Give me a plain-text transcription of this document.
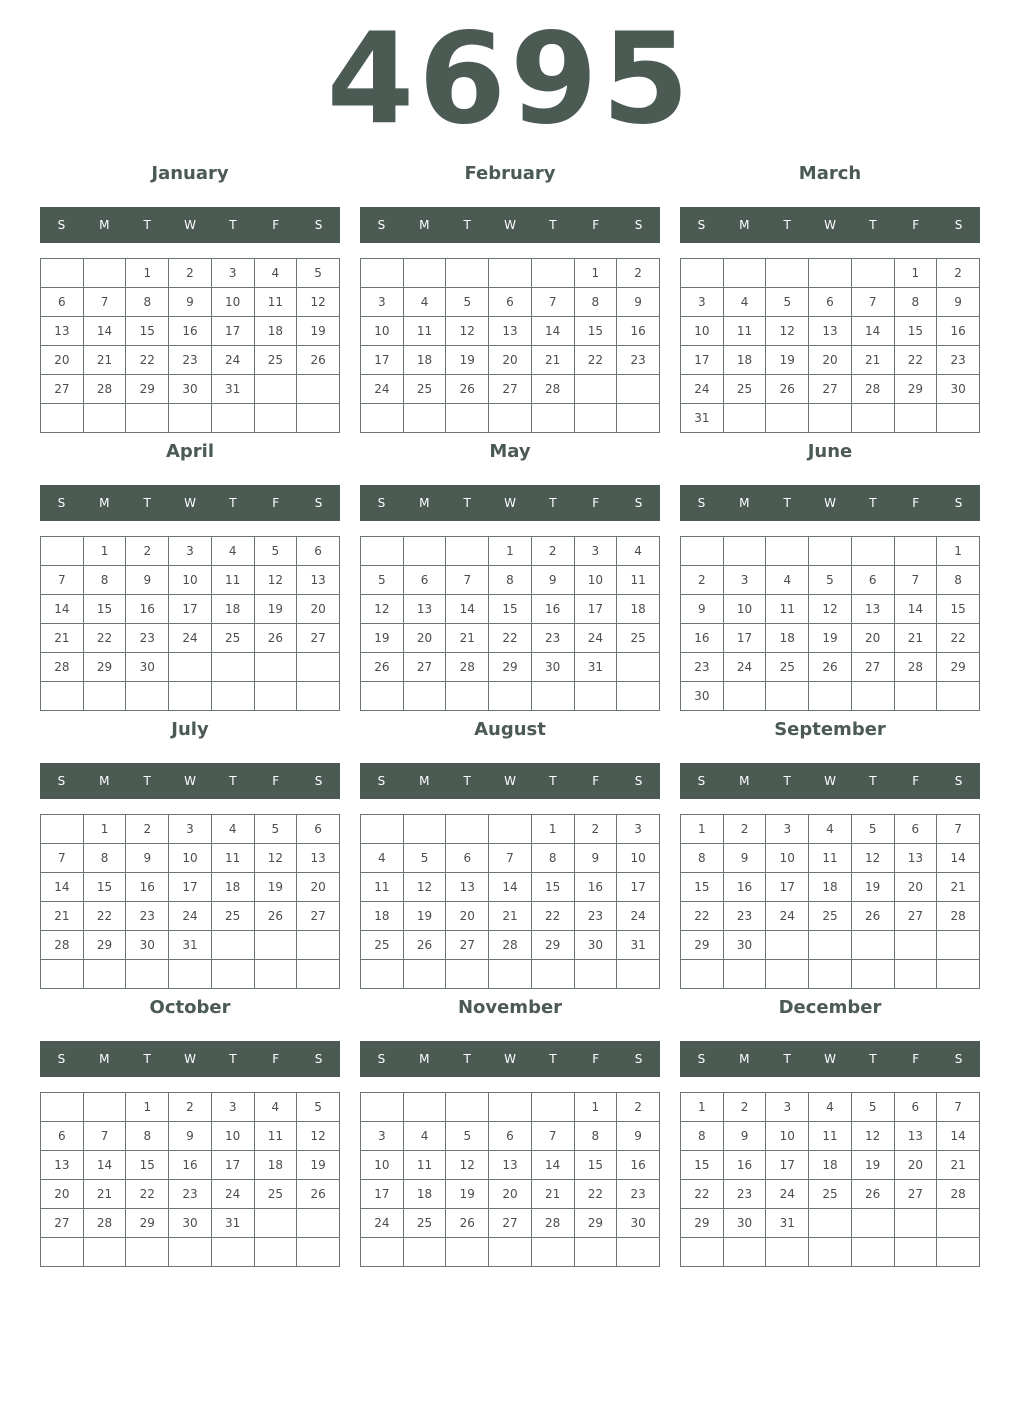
4695
January
S	M	T	W	T	F	S
		1	2	3	4	5
6	7	8	9	10	11	12
13	14	15	16	17	18	19
20	21	22	23	24	25	26
27	28	29	30	31		

February
S	M	T	W	T	F	S
					1	2
3	4	5	6	7	8	9
10	11	12	13	14	15	16
17	18	19	20	21	22	23
24	25	26	27	28		

March
S	M	T	W	T	F	S
					1	2
3	4	5	6	7	8	9
10	11	12	13	14	15	16
17	18	19	20	21	22	23
24	25	26	27	28	29	30
31						
April
S	M	T	W	T	F	S
	1	2	3	4	5	6
7	8	9	10	11	12	13
14	15	16	17	18	19	20
21	22	23	24	25	26	27
28	29	30				

May
S	M	T	W	T	F	S
			1	2	3	4
5	6	7	8	9	10	11
12	13	14	15	16	17	18
19	20	21	22	23	24	25
26	27	28	29	30	31	

June
S	M	T	W	T	F	S
						1
2	3	4	5	6	7	8
9	10	11	12	13	14	15
16	17	18	19	20	21	22
23	24	25	26	27	28	29
30						
July
S	M	T	W	T	F	S
	1	2	3	4	5	6
7	8	9	10	11	12	13
14	15	16	17	18	19	20
21	22	23	24	25	26	27
28	29	30	31			

August
S	M	T	W	T	F	S
				1	2	3
4	5	6	7	8	9	10
11	12	13	14	15	16	17
18	19	20	21	22	23	24
25	26	27	28	29	30	31

September
S	M	T	W	T	F	S
1	2	3	4	5	6	7
8	9	10	11	12	13	14
15	16	17	18	19	20	21
22	23	24	25	26	27	28
29	30					

October
S	M	T	W	T	F	S
		1	2	3	4	5
6	7	8	9	10	11	12
13	14	15	16	17	18	19
20	21	22	23	24	25	26
27	28	29	30	31		

November
S	M	T	W	T	F	S
					1	2
3	4	5	6	7	8	9
10	11	12	13	14	15	16
17	18	19	20	21	22	23
24	25	26	27	28	29	30

December
S	M	T	W	T	F	S
1	2	3	4	5	6	7
8	9	10	11	12	13	14
15	16	17	18	19	20	21
22	23	24	25	26	27	28
29	30	31				
